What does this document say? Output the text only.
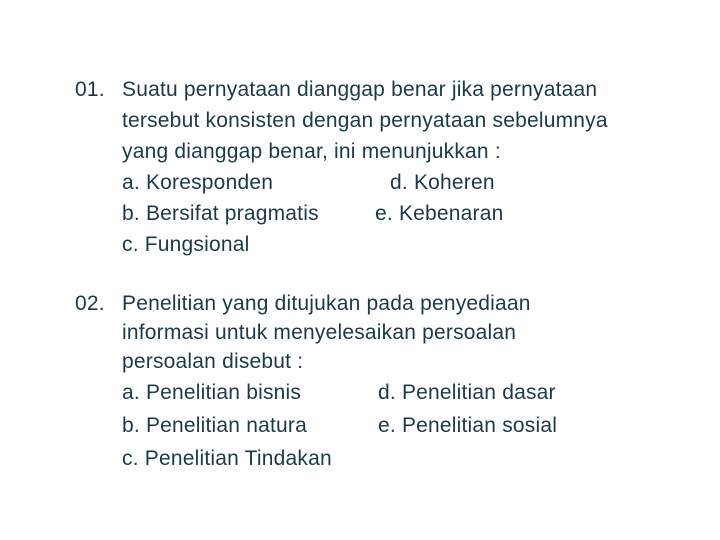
01. Suatu pernyataan dianggap benar jika pernyataan
tersebut konsisten dengan pernyataan sebelumnya
yang dianggap benar, ini menunjukkan :
a. Koresponden	d. Koheren
b. Bersifat pragmatis	e. Kebenaran
c. Fungsional
02. Penelitian yang ditujukan pada penyediaan
informasi untuk menyelesaikan persoalan
persoalan disebut :
a. Penelitian bisnis	d. Penelitian dasar
b. Penelitian natura	e. Penelitian sosial
c. Penelitian Tindakan
